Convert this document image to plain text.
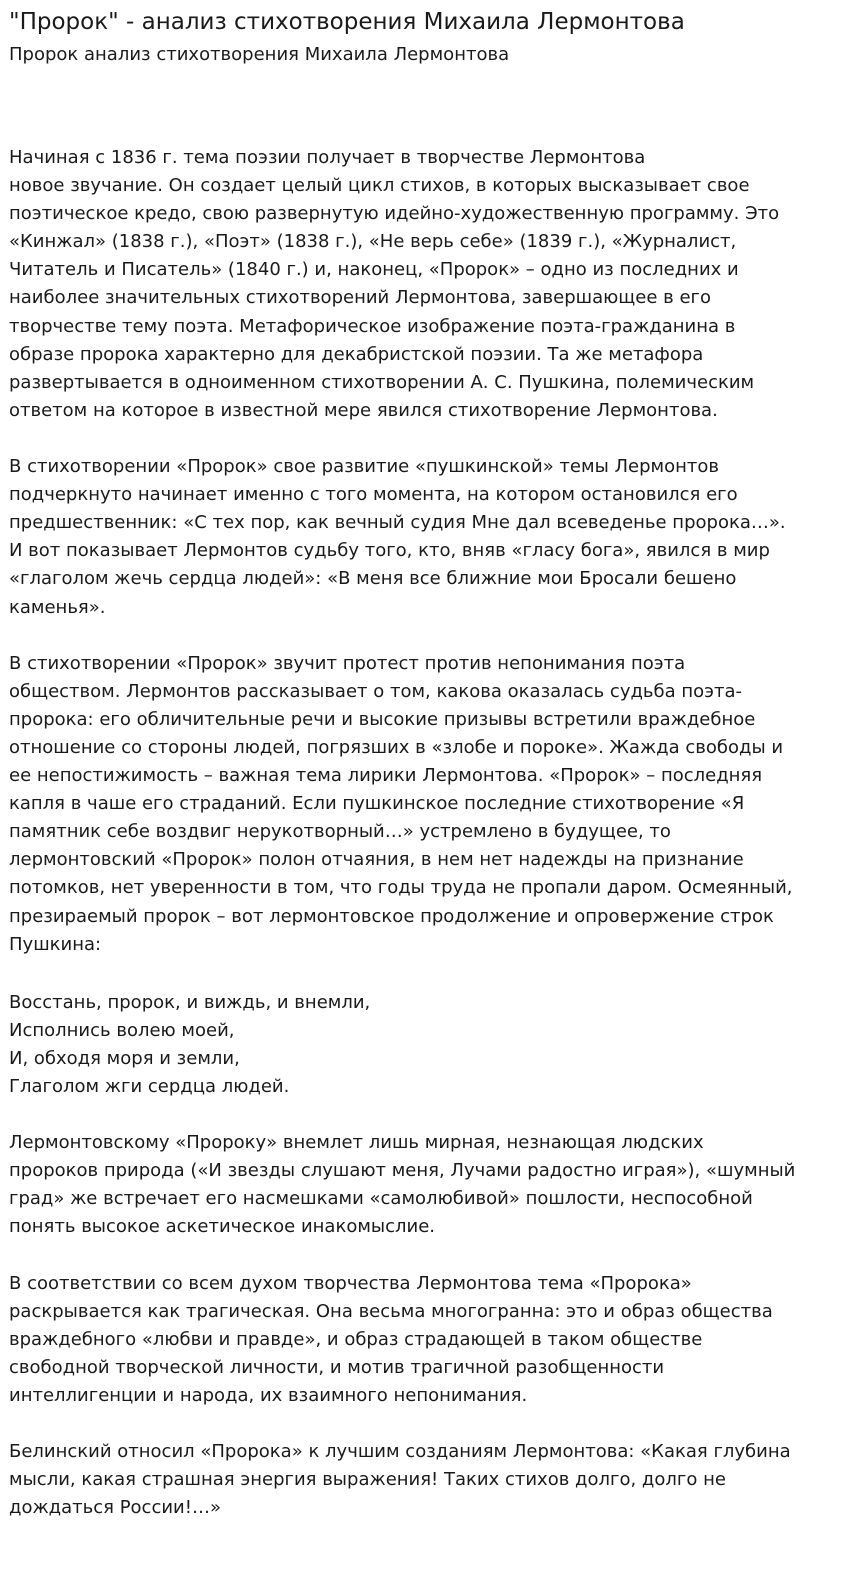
"Пророк" - анализ стихотворения Михаила Лермонтова
Пророк анализ стихотворения Михаила Лермонтова
Начиная с 1836 г. тема поэзии получает в творчестве Лермонтова
новое звучание. Он создает целый цикл стихов, в которых высказывает свое
поэтическое кредо, свою развернутую идейно-художественную программу. Это
«Кинжал» (1838 г.), «Поэт» (1838 г.), «Не верь себе» (1839 г.), «Журналист,
Читатель и Писатель» (1840 г.) и, наконец, «Пророк» – одно из последних и
наиболее значительных стихотворений Лермонтова, завершающее в его
творчестве тему поэта. Метафорическое изображение поэта-гражданина в
образе пророка характерно для декабристской поэзии. Та же метафора
развертывается в одноименном стихотворении А. С. Пушкина, полемическим
ответом на которое в известной мере явился стихотворение Лермонтова.
В стихотворении «Пророк» свое развитие «пушкинской» темы Лермонтов
подчеркнуто начинает именно с того момента, на котором остановился его
предшественник: «С тех пор, как вечный судия Мне дал всеведенье пророка…».
И вот показывает Лермонтов судьбу того, кто, вняв «гласу бога», явился в мир
«глаголом жечь сердца людей»: «В меня все ближние мои Бросали бешено
каменья».
В стихотворении «Пророк» звучит протест против непонимания поэта
обществом. Лермонтов рассказывает о том, какова оказалась судьба поэта-
пророка: его обличительные речи и высокие призывы встретили враждебное
отношение со стороны людей, погрязших в «злобе и пороке». Жажда свободы и
ее непостижимость – важная тема лирики Лермонтова. «Пророк» – последняя
капля в чаше его страданий. Если пушкинское последние стихотворение «Я
памятник себе воздвиг нерукотворный…» устремлено в будущее, то
лермонтовский «Пророк» полон отчаяния, в нем нет надежды на признание
потомков, нет уверенности в том, что годы труда не пропали даром. Осмеянный,
презираемый пророк – вот лермонтовское продолжение и опровержение строк
Пушкина:
Восстань, пророк, и виждь, и внемли,
Исполнись волею моей,
И, обходя моря и земли,
Глаголом жги сердца людей.
Лермонтовскому «Пророку» внемлет лишь мирная, незнающая людских
пророков природа («И звезды слушают меня, Лучами радостно играя»), «шумный
град» же встречает его насмешками «самолюбивой» пошлости, неспособной
понять высокое аскетическое инакомыслие.
В соответствии со всем духом творчества Лермонтова тема «Пророка»
раскрывается как трагическая. Она весьма многогранна: это и образ общества
враждебного «любви и правде», и образ страдающей в таком обществе
свободной творческой личности, и мотив трагичной разобщенности
интеллигенции и народа, их взаимного непонимания.
Белинский относил «Пророка» к лучшим созданиям Лермонтова: «Какая глубина
мысли, какая страшная энергия выражения! Таких стихов долго, долго не
дождаться России!…»
